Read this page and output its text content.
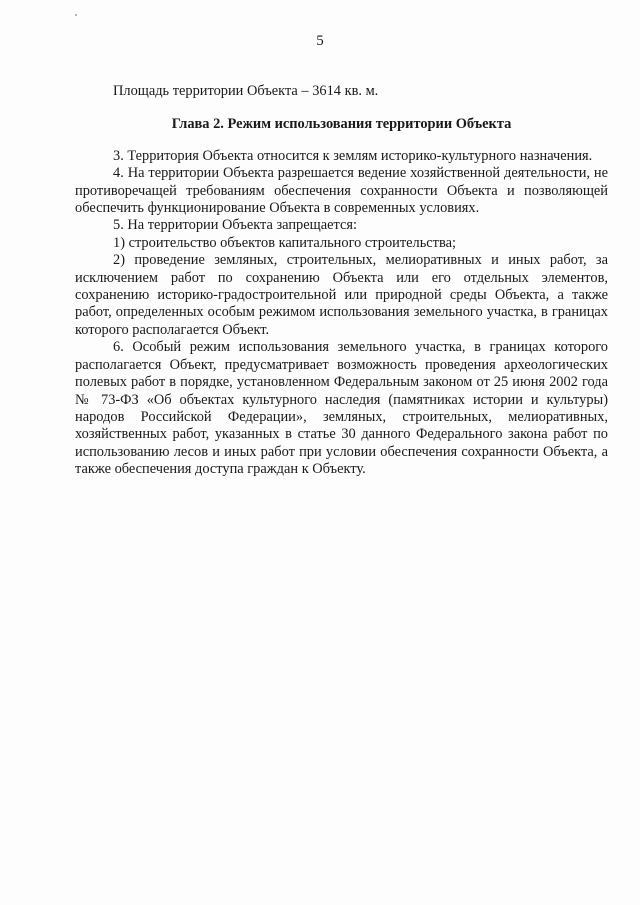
5

Площадь территории Объекта – 3614 кв. м.

Глава 2. Режим использования территории Объекта

3. Территория Объекта относится к землям историко-культурного назначения.

4. На территории Объекта разрешается ведение хозяйственной деятельности, не противоречащей требованиям обеспечения сохранности Объекта и позволяющей обеспечить функционирование Объекта в современных условиях.

5. На территории Объекта запрещается:

1) строительство объектов капитального строительства;

2) проведение земляных, строительных, мелиоративных и иных работ, за исключением работ по сохранению Объекта или его отдельных элементов, сохранению историко-градостроительной или природной среды Объекта, а также работ, определенных особым режимом использования земельного участка, в границах которого располагается Объект.

6. Особый режим использования земельного участка, в границах которого располагается Объект, предусматривает возможность проведения археологических полевых работ в порядке, установленном Федеральным законом от 25 июня 2002 года № 73-ФЗ «Об объектах культурного наследия (памятниках истории и культуры) народов Российской Федерации», земляных, строительных, мелиоративных, хозяйственных работ, указанных в статье 30 данного Федерального закона работ по использованию лесов и иных работ при условии обеспечения сохранности Объекта, а также обеспечения доступа граждан к Объекту.
